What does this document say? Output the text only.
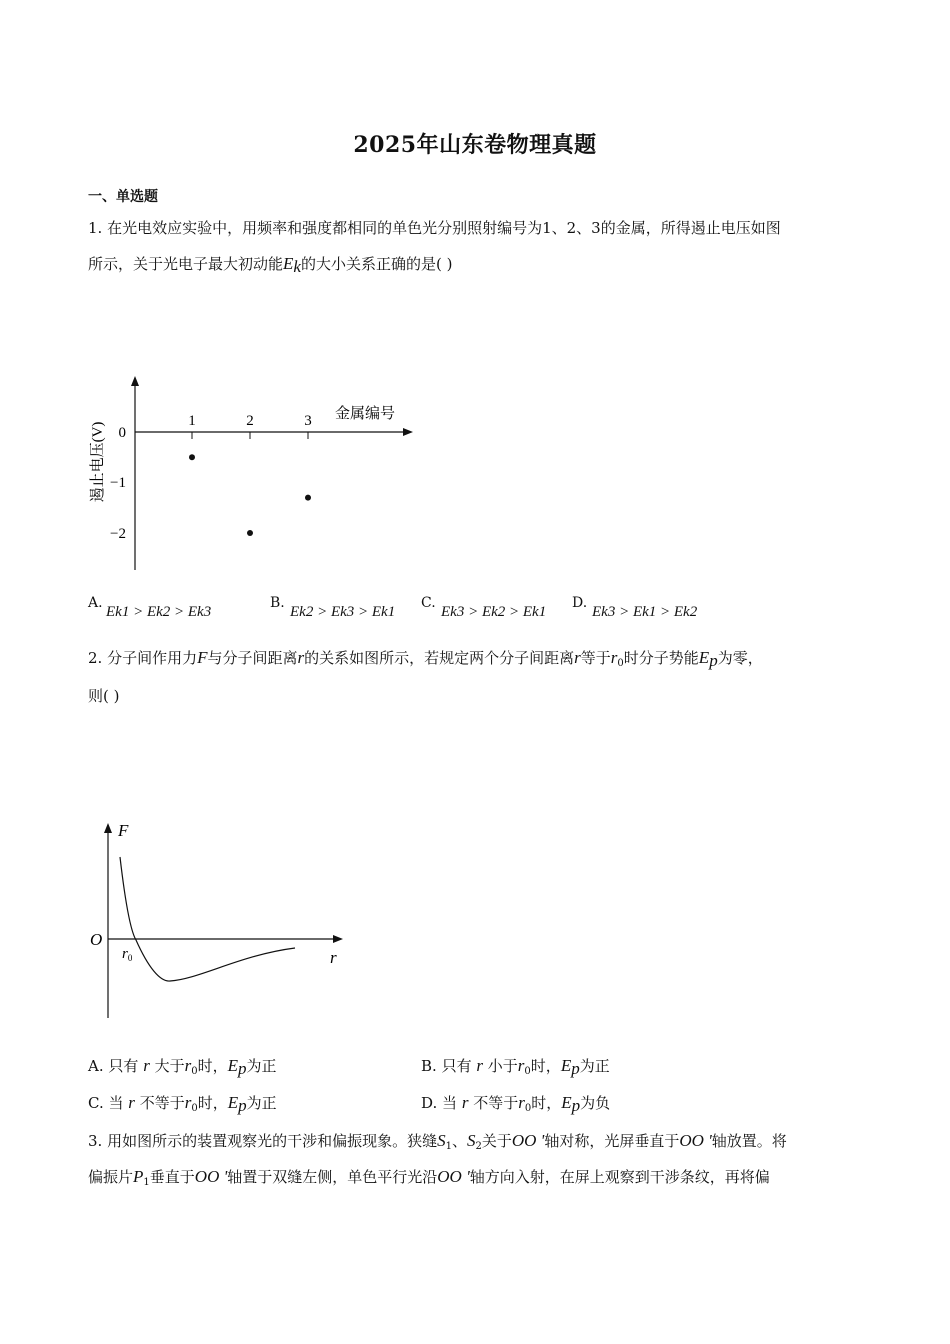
2025年山东卷物理真题
一、单选题
1. 在光电效应实验中，用频率和强度都相同的单色光分别照射编号为1、2、3的金属，所得遏止电压如图
所示，关于光电子最大初动能$E_k$的大小关系正确的是( )
1	2	3 金属编号
0
−1
−2
遏止电压(V)
A.
Ek1 > Ek2 > Ek3
B.
Ek2 > Ek3 > Ek1
C.
Ek3 > Ek2 > Ek1
D.
Ek3 > Ek1 > Ek2
2. 分子间作用力F与分子间距离r的关系如图所示，若规定两个分子间距离r等于$r_0$时分子势能$E_p$为零，
则( )
F
r
O
$r_0$
A. 只有 r 大于$r_0$时，$E_p$为正	B. 只有 r 小于$r_0$时，$E_p$为正
C. 当 r 不等于$r_0$时，$E_p$为正	D. 当 r 不等于$r_0$时，$E_p$为负
3. 用如图所示的装置观察光的干涉和偏振现象。狭缝$S_1$、$S_2$关于OO '轴对称，光屏垂直于OO '轴放置。将
偏振片$P_1$垂直于OO '轴置于双缝左侧，单色平行光沿OO '轴方向入射，在屏上观察到干涉条纹，再将偏
